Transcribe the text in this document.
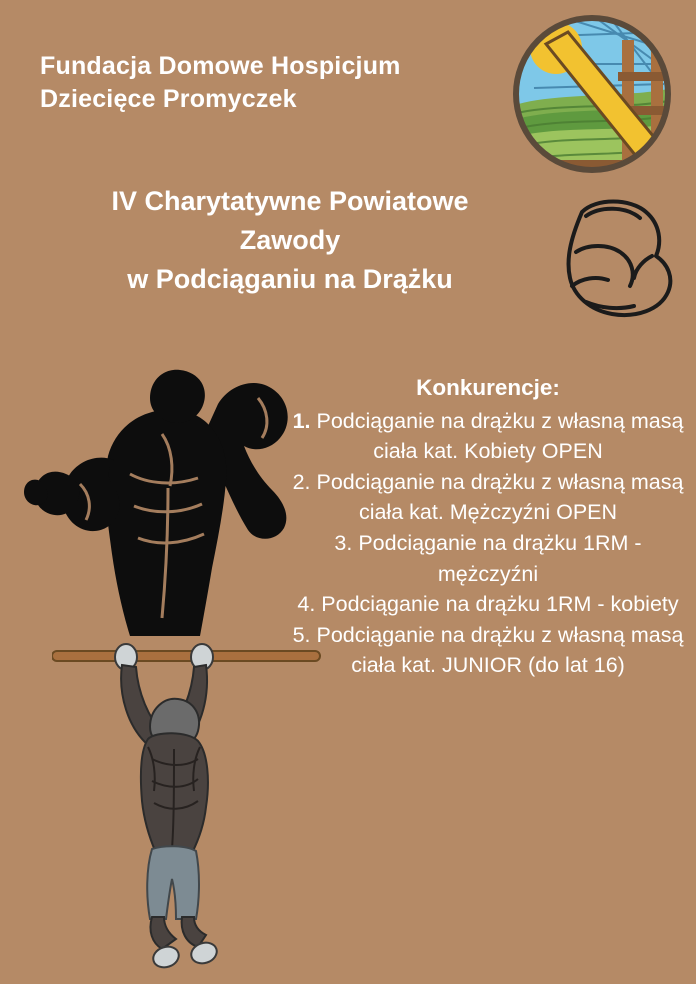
Fundacja Domowe Hospicjum
Dziecięce Promyczek
IV Charytatywne Powiatowe
Zawody
w Podciąganiu na Drążku
Konkurencje:

1. Podciąganie na drążku z własną masą ciała kat. Kobiety OPEN

2. Podciąganie na drążku z własną masą ciała kat. Mężczyźni OPEN

3. Podciąganie na drążku 1RM - mężczyźni

4. Podciąganie na drążku 1RM - kobiety

5. Podciąganie na drążku z własną masą ciała kat. JUNIOR (do lat 16)
